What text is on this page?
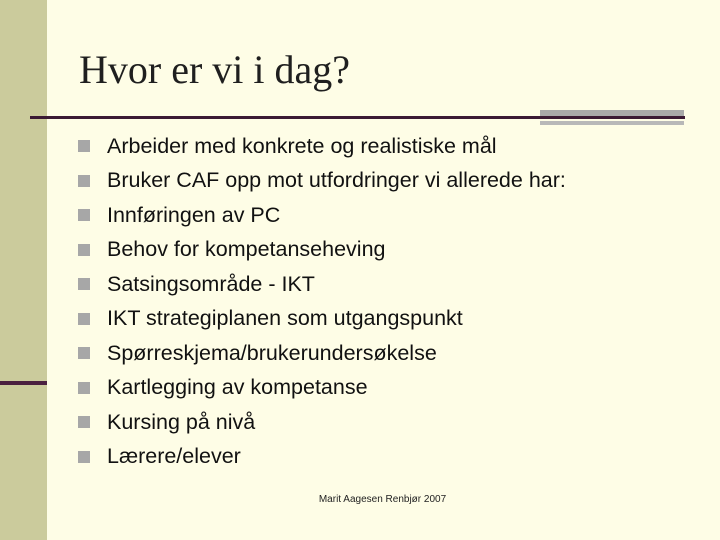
Hvor er vi i dag?
Arbeider med konkrete og realistiske mål
Bruker CAF opp mot utfordringer vi allerede har:
Innføringen av PC
Behov for kompetanseheving
Satsingsområde - IKT
IKT strategiplanen som utgangspunkt
Spørreskjema/brukerundersøkelse
Kartlegging av kompetanse
Kursing på nivå
Lærere/elever
Marit Aagesen Renbjør 2007
